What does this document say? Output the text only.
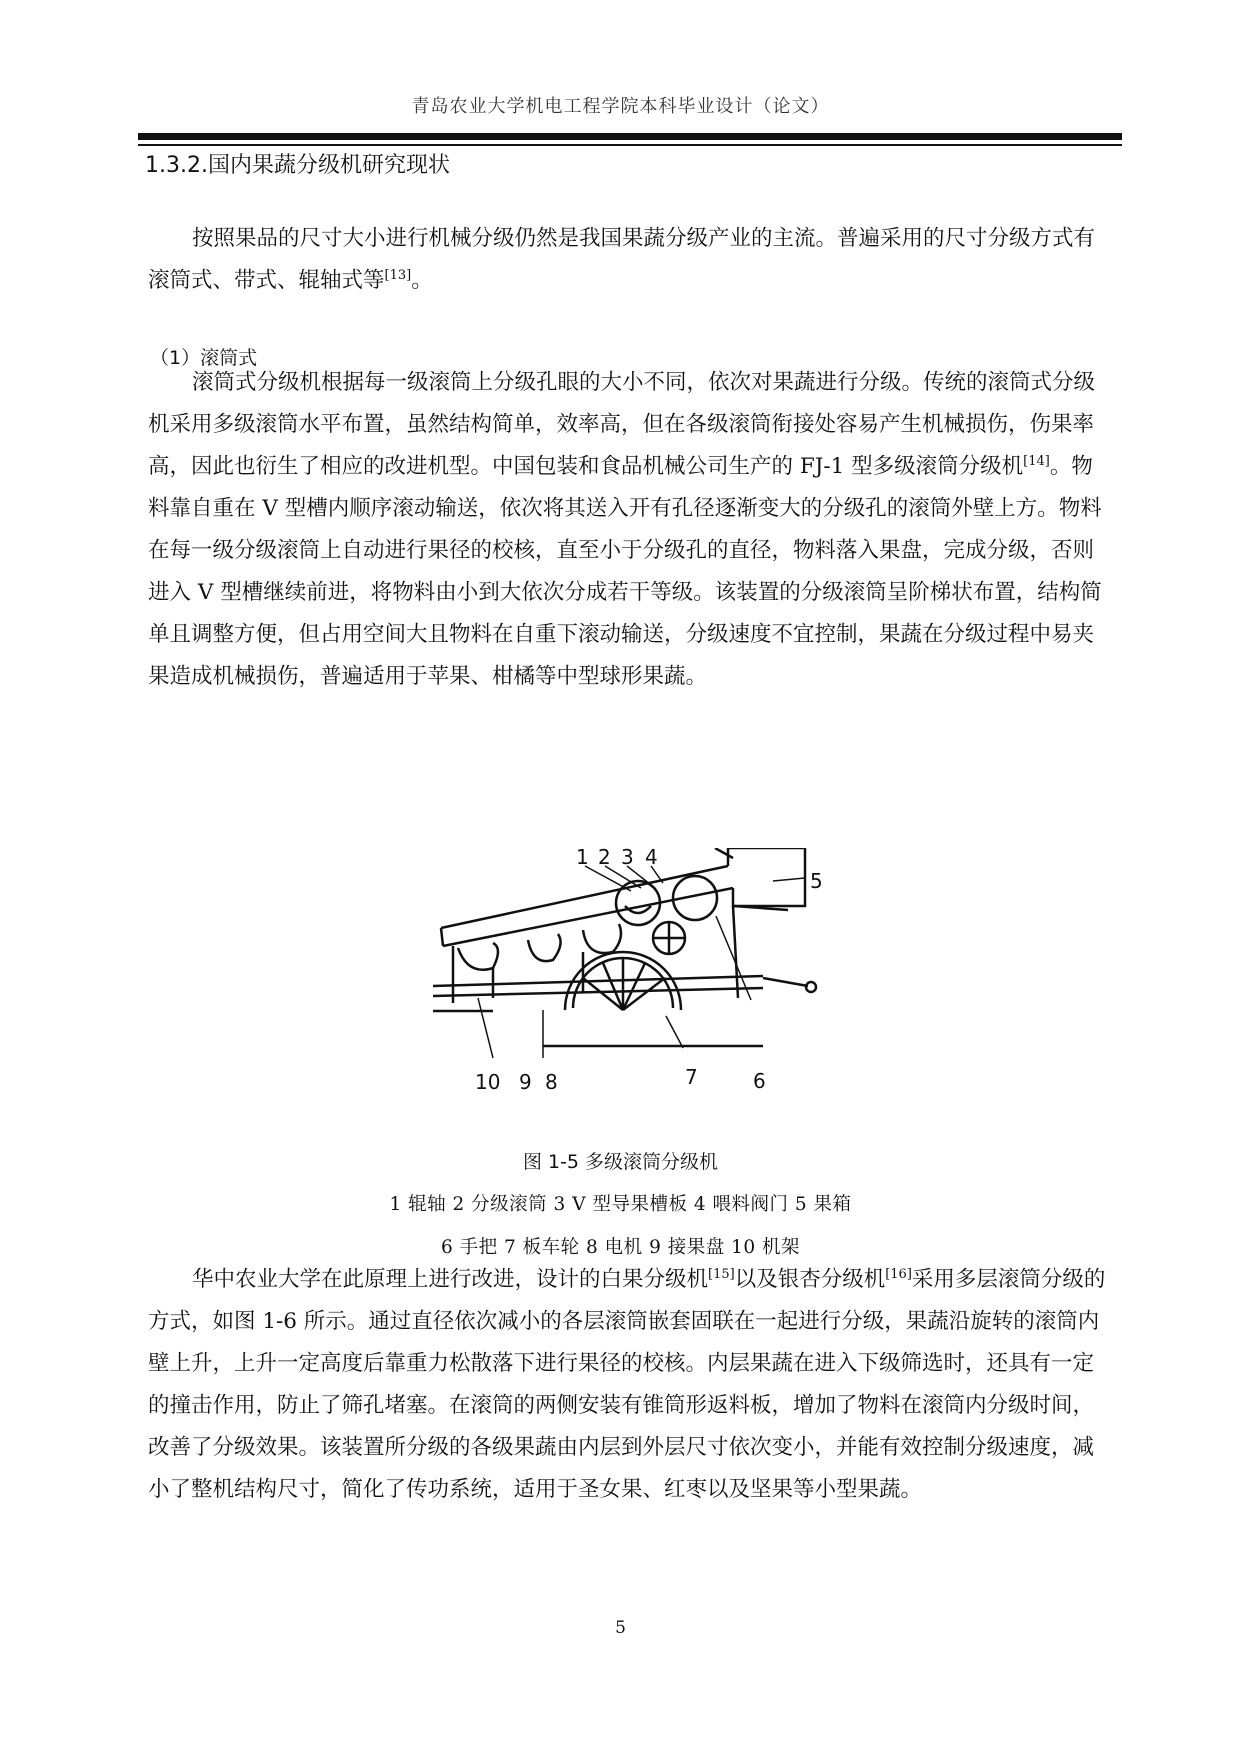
青岛农业大学机电工程学院本科毕业设计（论文）
1.3.2.国内果蔬分级机研究现状

按照果品的尺寸大小进行机械分级仍然是我国果蔬分级产业的主流。普遍采用的尺寸分级方式有滚筒式、带式、辊轴式等[13]。

（1）滚筒式

滚筒式分级机根据每一级滚筒上分级孔眼的大小不同，依次对果蔬进行分级。传统的滚筒式分级机采用多级滚筒水平布置，虽然结构简单，效率高，但在各级滚筒衔接处容易产生机械损伤，伤果率高，因此也衍生了相应的改进机型。中国包装和食品机械公司生产的 FJ-1 型多级滚筒分级机[14]。物料靠自重在 V 型槽内顺序滚动输送，依次将其送入开有孔径逐渐变大的分级孔的滚筒外壁上方。物料在每一级分级滚筒上自动进行果径的校核，直至小于分级孔的直径，物料落入果盘，完成分级，否则进入 V 型槽继续前进，将物料由小到大依次分成若干等级。该装置的分级滚筒呈阶梯状布置，结构简单且调整方便，但占用空间大且物料在自重下滚动输送，分级速度不宜控制，果蔬在分级过程中易夹果造成机械损伤，普遍适用于苹果、柑橘等中型球形果蔬。

1 2 3 4
5
6
7
8
9
10
图 1-5 多级滚筒分级机
1 辊轴 2 分级滚筒 3 V 型导果槽板 4 喂料阀门 5 果箱
6 手把 7 板车轮 8 电机 9 接果盘 10 机架

华中农业大学在此原理上进行改进，设计的白果分级机[15]以及银杏分级机[16]采用多层滚筒分级的方式，如图 1-6 所示。通过直径依次减小的各层滚筒嵌套固联在一起进行分级，果蔬沿旋转的滚筒内壁上升，上升一定高度后靠重力松散落下进行果径的校核。内层果蔬在进入下级筛选时，还具有一定的撞击作用，防止了筛孔堵塞。在滚筒的两侧安装有锥筒形返料板，增加了物料在滚筒内分级时间，改善了分级效果。该装置所分级的各级果蔬由内层到外层尺寸依次变小，并能有效控制分级速度，减小了整机结构尺寸，简化了传功系统，适用于圣女果、红枣以及坚果等小型果蔬。

5
